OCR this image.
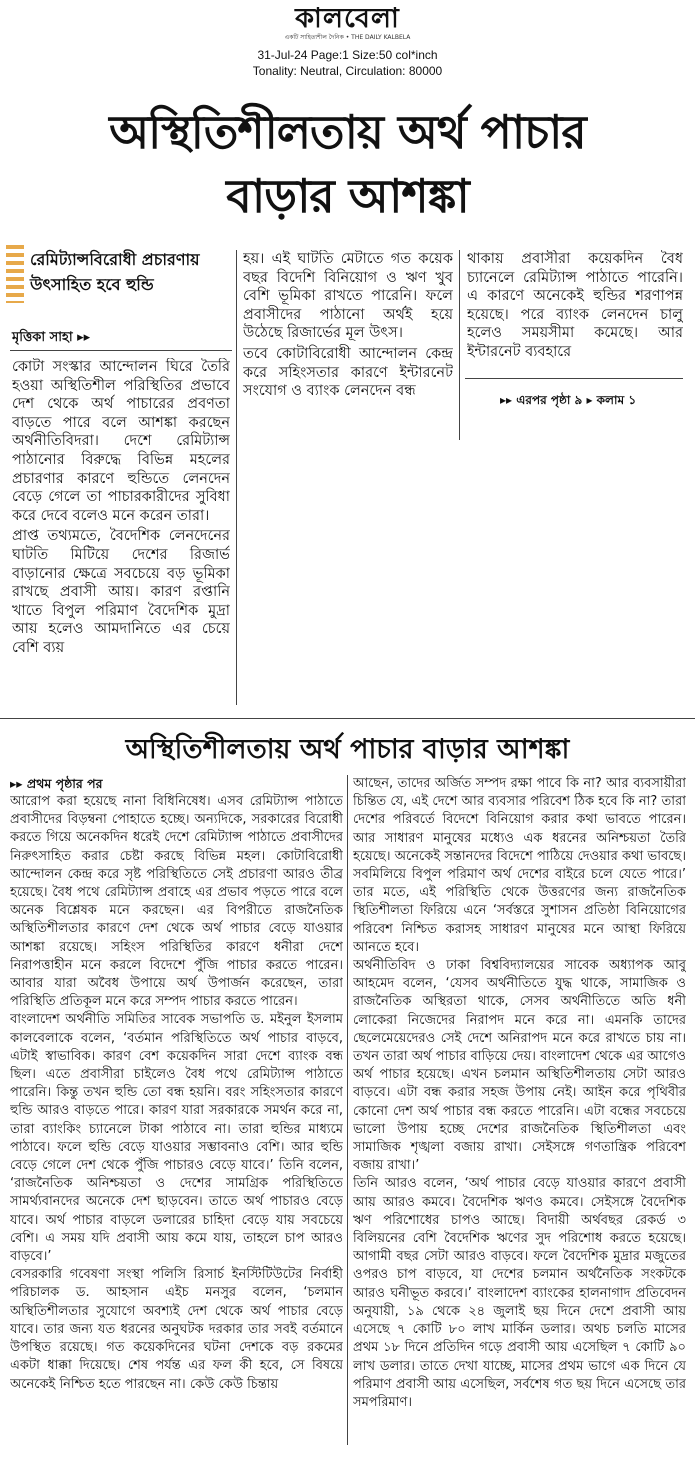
কালবেলা
একটি সাহিত্যশীল দৈনিক • THE DAILY KALBELA
31-Jul-24 Page:1 Size:50 col*inch
Tonality: Neutral, Circulation: 80000
অস্থিতিশীলতায় অর্থ পাচার
বাড়ার আশঙ্কা
রেমিট্যান্সবিরোধী প্রচারণায়
উৎসাহিত হবে হুন্ডি
মৃত্তিকা সাহা ▸▸

কোটা সংস্কার আন্দোলন ঘিরে তৈরি হওয়া অস্থিতিশীল পরিস্থিতির প্রভাবে দেশ থেকে অর্থ পাচারের প্রবণতা বাড়তে পারে বলে আশঙ্কা করছেন অর্থনীতিবিদরা। দেশে রেমিট্যান্স পাঠানোর বিরুদ্ধে বিভিন্ন মহলের প্রচারণার কারণে হুন্ডিতে লেনদেন বেড়ে গেলে তা পাচারকারীদের সুবিধা করে দেবে বলেও মনে করেন তারা।

প্রাপ্ত তথ্যমতে, বৈদেশিক লেনদেনের ঘাটতি মিটিয়ে দেশের রিজার্ভ বাড়ানোর ক্ষেত্রে সবচেয়ে বড় ভূমিকা রাখছে প্রবাসী আয়। কারণ রপ্তানি খাতে বিপুল পরিমাণ বৈদেশিক মুদ্রা আয় হলেও আমদানিতে এর চেয়ে বেশি ব্যয়

হয়। এই ঘাটতি মেটাতে গত কয়েক বছর বিদেশি বিনিয়োগ ও ঋণ খুব বেশি ভূমিকা রাখতে পারেনি। ফলে প্রবাসীদের পাঠানো অর্থই হয়ে উঠেছে রিজার্ভের মূল উৎস।

তবে কোটাবিরোধী আন্দোলন কেন্দ্র করে সহিংসতার কারণে ইন্টারনেট সংযোগ ও ব্যাংক লেনদেন বন্ধ

থাকায় প্রবাসীরা কয়েকদিন বৈধ চ্যানেলে রেমিট্যান্স পাঠাতে পারেনি। এ কারণে অনেকেই হুন্ডির শরণাপন্ন হয়েছে। পরে ব্যাংক লেনদেন চালু হলেও সময়সীমা কমেছে। আর ইন্টারনেট ব্যবহারে

▸▸ এরপর পৃষ্ঠা ৯ ▸ কলাম ১
অস্থিতিশীলতায় অর্থ পাচার বাড়ার আশঙ্কা
▸▸ প্রথম পৃষ্ঠার পর

আরোপ করা হয়েছে নানা বিধিনিষেধ। এসব রেমিট্যান্স পাঠাতে প্রবাসীদের বিড়ম্বনা পোহাতে হচ্ছে। অন্যদিকে, সরকারের বিরোধী করতে গিয়ে অনেকদিন ধরেই দেশে রেমিট্যান্স পাঠাতে প্রবাসীদের নিরুৎসাহিত করার চেষ্টা করছে বিভিন্ন মহল। কোটাবিরোধী আন্দোলন কেন্দ্র করে সৃষ্ট পরিস্থিতিতে সেই প্রচারণা আরও তীব্র হয়েছে। বৈধ পথে রেমিট্যান্স প্রবাহে এর প্রভাব পড়তে পারে বলে অনেক বিশ্লেষক মনে করছেন। এর বিপরীতে রাজনৈতিক অস্থিতিশীলতার কারণে দেশ থেকে অর্থ পাচার বেড়ে যাওয়ার আশঙ্কা রয়েছে। সহিংস পরিস্থিতির কারণে ধনীরা দেশে নিরাপত্তাহীন মনে করলে বিদেশে পুঁজি পাচার করতে পারেন। আবার যারা অবৈধ উপায়ে অর্থ উপার্জন করেছেন, তারা পরিস্থিতি প্রতিকূল মনে করে সম্পদ পাচার করতে পারেন।

বাংলাদেশ অর্থনীতি সমিতির সাবেক সভাপতি ড. মইনুল ইসলাম কালবেলাকে বলেন, ‘বর্তমান পরিস্থিতিতে অর্থ পাচার বাড়বে, এটাই স্বাভাবিক। কারণ বেশ কয়েকদিন সারা দেশে ব্যাংক বন্ধ ছিল। এতে প্রবাসীরা চাইলেও বৈধ পথে রেমিট্যান্স পাঠাতে পারেনি। কিন্তু তখন হুন্ডি তো বন্ধ হয়নি। বরং সহিংসতার কারণে হুন্ডি আরও বাড়তে পারে। কারণ যারা সরকারকে সমর্থন করে না, তারা ব্যাংকিং চ্যানেলে টাকা পাঠাবে না। তারা হুন্ডির মাধ্যমে পাঠাবে। ফলে হুন্ডি বেড়ে যাওয়ার সম্ভাবনাও বেশি। আর হুন্ডি বেড়ে গেলে দেশ থেকে পুঁজি পাচারও বেড়ে যাবে।’ তিনি বলেন, ‘রাজনৈতিক অনিশ্চয়তা ও দেশের সামগ্রিক পরিস্থিতিতে সামর্থ্যবানদের অনেকে দেশ ছাড়বেন। তাতে অর্থ পাচারও বেড়ে যাবে। অর্থ পাচার বাড়লে ডলারের চাহিদা বেড়ে যায় সবচেয়ে বেশি। এ সময় যদি প্রবাসী আয় কমে যায়, তাহলে চাপ আরও বাড়বে।’

বেসরকারি গবেষণা সংস্থা পলিসি রিসার্চ ইনস্টিটিউটের নির্বাহী পরিচালক ড. আহসান এইচ মনসুর বলেন, ‘চলমান অস্থিতিশীলতার সুযোগে অবশ্যই দেশ থেকে অর্থ পাচার বেড়ে যাবে। তার জন্য যত ধরনের অনুঘটক দরকার তার সবই বর্তমানে উপস্থিত রয়েছে। গত কয়েকদিনের ঘটনা দেশকে বড় রকমের একটা ধাক্কা দিয়েছে। শেষ পর্যন্ত এর ফল কী হবে, সে বিষয়ে অনেকেই নিশ্চিত হতে পারছেন না। কেউ কেউ চিন্তায়

আছেন, তাদের অর্জিত সম্পদ রক্ষা পাবে কি না? আর ব্যবসায়ীরা চিন্তিত যে, এই দেশে আর ব্যবসার পরিবেশ ঠিক হবে কি না? তারা দেশের পরিবর্তে বিদেশে বিনিয়োগ করার কথা ভাবতে পারেন। আর সাধারণ মানুষের মধ্যেও এক ধরনের অনিশ্চয়তা তৈরি হয়েছে। অনেকেই সন্তানদের বিদেশে পাঠিয়ে দেওয়ার কথা ভাবছে। সবমিলিয়ে বিপুল পরিমাণ অর্থ দেশের বাইরে চলে যেতে পারে।’ তার মতে, এই পরিস্থিতি থেকে উত্তরণের জন্য রাজনৈতিক স্থিতিশীলতা ফিরিয়ে এনে ‘সর্বস্তরে সুশাসন প্রতিষ্ঠা বিনিয়োগের পরিবেশ নিশ্চিত করাসহ সাধারণ মানুষের মনে আস্থা ফিরিয়ে আনতে হবে।

অর্থনীতিবিদ ও ঢাকা বিশ্ববিদ্যালয়ের সাবেক অধ্যাপক আবু আহমেদ বলেন, ‘যেসব অর্থনীতিতে যুদ্ধ থাকে, সামাজিক ও রাজনৈতিক অস্থিরতা থাকে, সেসব অর্থনীতিতে অতি ধনী লোকেরা নিজেদের নিরাপদ মনে করে না। এমনকি তাদের ছেলেমেয়েদেরও সেই দেশে অনিরাপদ মনে করে রাখতে চায় না। তখন তারা অর্থ পাচার বাড়িয়ে দেয়। বাংলাদেশ থেকে এর আগেও অর্থ পাচার হয়েছে। এখন চলমান অস্থিতিশীলতায় সেটা আরও বাড়বে। এটা বন্ধ করার সহজ উপায় নেই। আইন করে পৃথিবীর কোনো দেশ অর্থ পাচার বন্ধ করতে পারেনি। এটা বন্ধের সবচেয়ে ভালো উপায় হচ্ছে দেশের রাজনৈতিক স্থিতিশীলতা এবং সামাজিক শৃঙ্খলা বজায় রাখা। সেইসঙ্গে গণতান্ত্রিক পরিবেশ বজায় রাখা।’

তিনি আরও বলেন, ‘অর্থ পাচার বেড়ে যাওয়ার কারণে প্রবাসী আয় আরও কমবে। বৈদেশিক ঋণও কমবে। সেইসঙ্গে বৈদেশিক ঋণ পরিশোধের চাপও আছে। বিদায়ী অর্থবছর রেকর্ড ৩ বিলিয়নের বেশি বৈদেশিক ঋণের সুদ পরিশোধ করতে হয়েছে। আগামী বছর সেটা আরও বাড়বে। ফলে বৈদেশিক মুদ্রার মজুতের ওপরও চাপ বাড়বে, যা দেশের চলমান অর্থনৈতিক সংকটকে আরও ঘনীভূত করবে।’ বাংলাদেশ ব্যাংকের হালনাগাদ প্রতিবেদন অনুযায়ী, ১৯ থেকে ২৪ জুলাই ছয় দিনে দেশে প্রবাসী আয় এসেছে ৭ কোটি ৮০ লাখ মার্কিন ডলার। অথচ চলতি মাসের প্রথম ১৮ দিনে প্রতিদিন গড়ে প্রবাসী আয় এসেছিল ৭ কোটি ৯০ লাখ ডলার। তাতে দেখা যাচ্ছে, মাসের প্রথম ভাগে এক দিনে যে পরিমাণ প্রবাসী আয় এসেছিল, সর্বশেষ গত ছয় দিনে এসেছে তার সমপরিমাণ।
